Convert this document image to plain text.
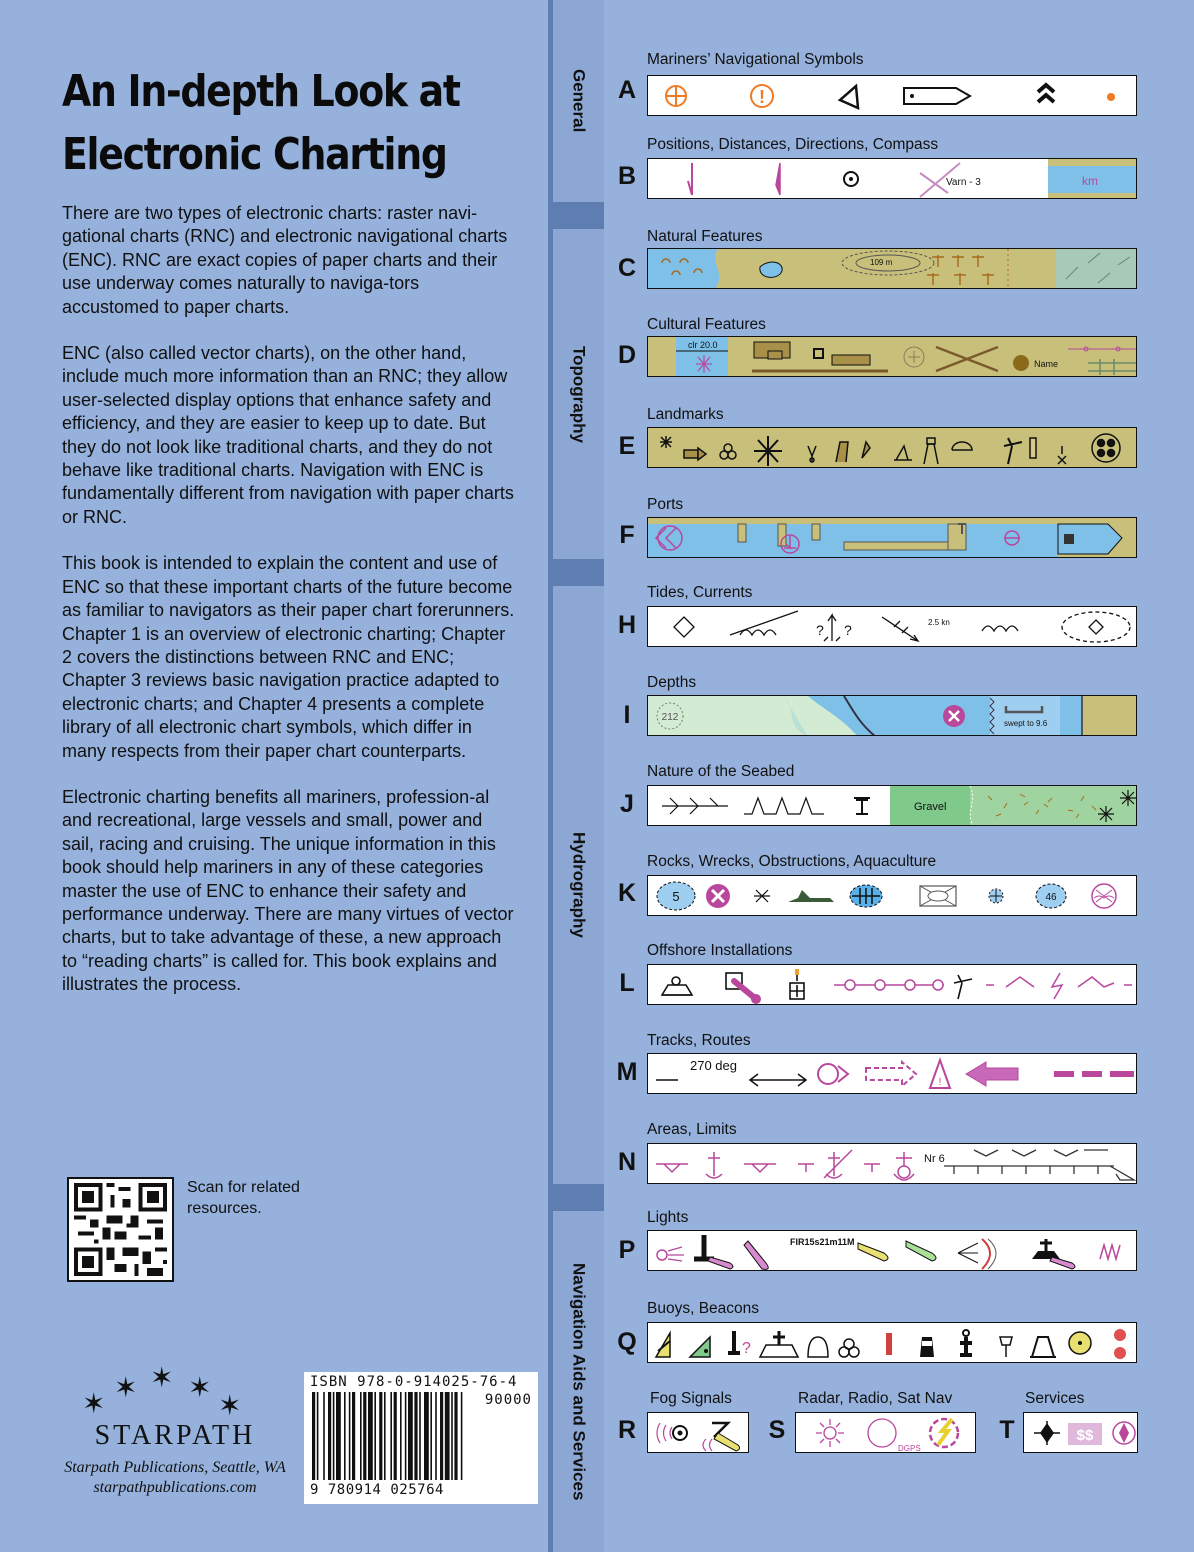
An In-depth Look at Electronic Charting

There are two types of electronic charts: raster navi-gational charts (RNC) and electronic navigational charts (ENC). RNC are exact copies of paper charts and their use underway comes naturally to naviga-tors accustomed to paper charts.

ENC (also called vector charts), on the other hand, include much more information than an RNC; they allow user-selected display options that enhance safety and efficiency, and they are easier to keep up to date. But they do not look like traditional charts, and they do not behave like traditional charts. Navigation with ENC is fundamentally different from navigation with paper charts or RNC.

This book is intended to explain the content and use of ENC so that these important charts of the future become as familiar to navigators as their paper chart forerunners. Chapter 1 is an overview of electronic charting; Chapter 2 covers the distinctions between RNC and ENC; Chapter 3 reviews basic navigation practice adapted to electronic charts; and Chapter 4 presents a complete library of all electronic chart symbols, which differ in many respects from their paper chart counterparts.

Electronic charting benefits all mariners, profession-al and recreational, large vessels and small, power and sail, racing and cruising. The unique information in this book should help mariners in any of these categories master the use of ENC to enhance their safety and performance underway. There are many virtues of vector charts, but to take advantage of these, a new approach to “reading charts” is called for. This book explains and illustrates the process.

Scan for related resources.
✶
✶ ✶ ✶
✶
STARPATH
Starpath Publications, Seattle, WA
starpathpublications.com
ISBN 978-0-914025-76-4
90000
9 780914 025764
General
Topography
Hydrography
Navigation Aids and Services
Mariners’ Navigational Symbols
A	!
Positions, Distances, Directions, Compass
B	Varn - 3	km
Natural Features
C	109 m
Cultural Features
D	clr 20.0
Name
Landmarks
E
Ports
F
Tides, Currents
H	? ?	2.5 kn
Depths
I	212
swept to 9.6
Nature of the Seabed
J	Gravel
Rocks, Wrecks, Obstructions, Aquaculture
K	5	46
Offshore Installations
L
Tracks, Routes
M	270 deg
!
Areas, Limits
N	Nr 6
Lights
P	FIR15s21m11M
Buoys, Beacons
Q	?
Fog Signals
R
Radar, Radio, Sat Nav
S
DGPS
Services
T	$$
